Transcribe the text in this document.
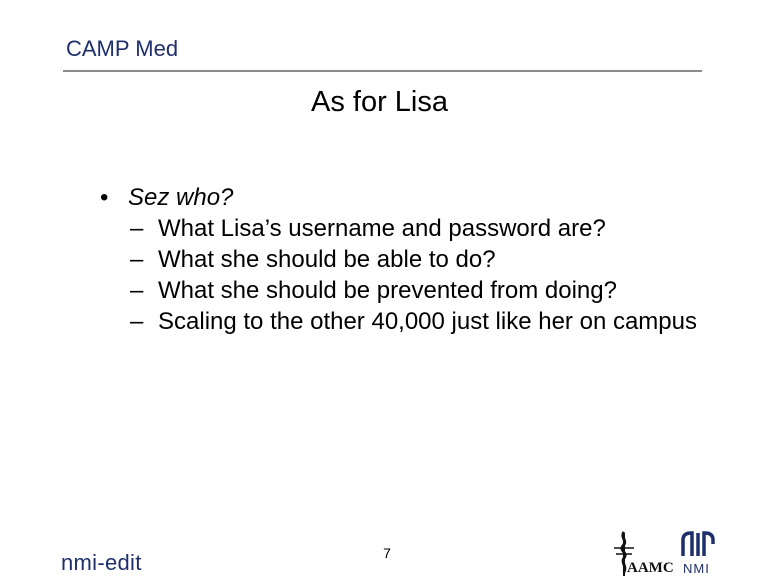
CAMP Med
As for Lisa
• Sez who?
– What Lisa’s username and password are?
– What she should be able to do?
– What she should be prevented from doing?
– Scaling to the other 40,000 just like her on campus
nmi-edit	7
AAMC NMI
